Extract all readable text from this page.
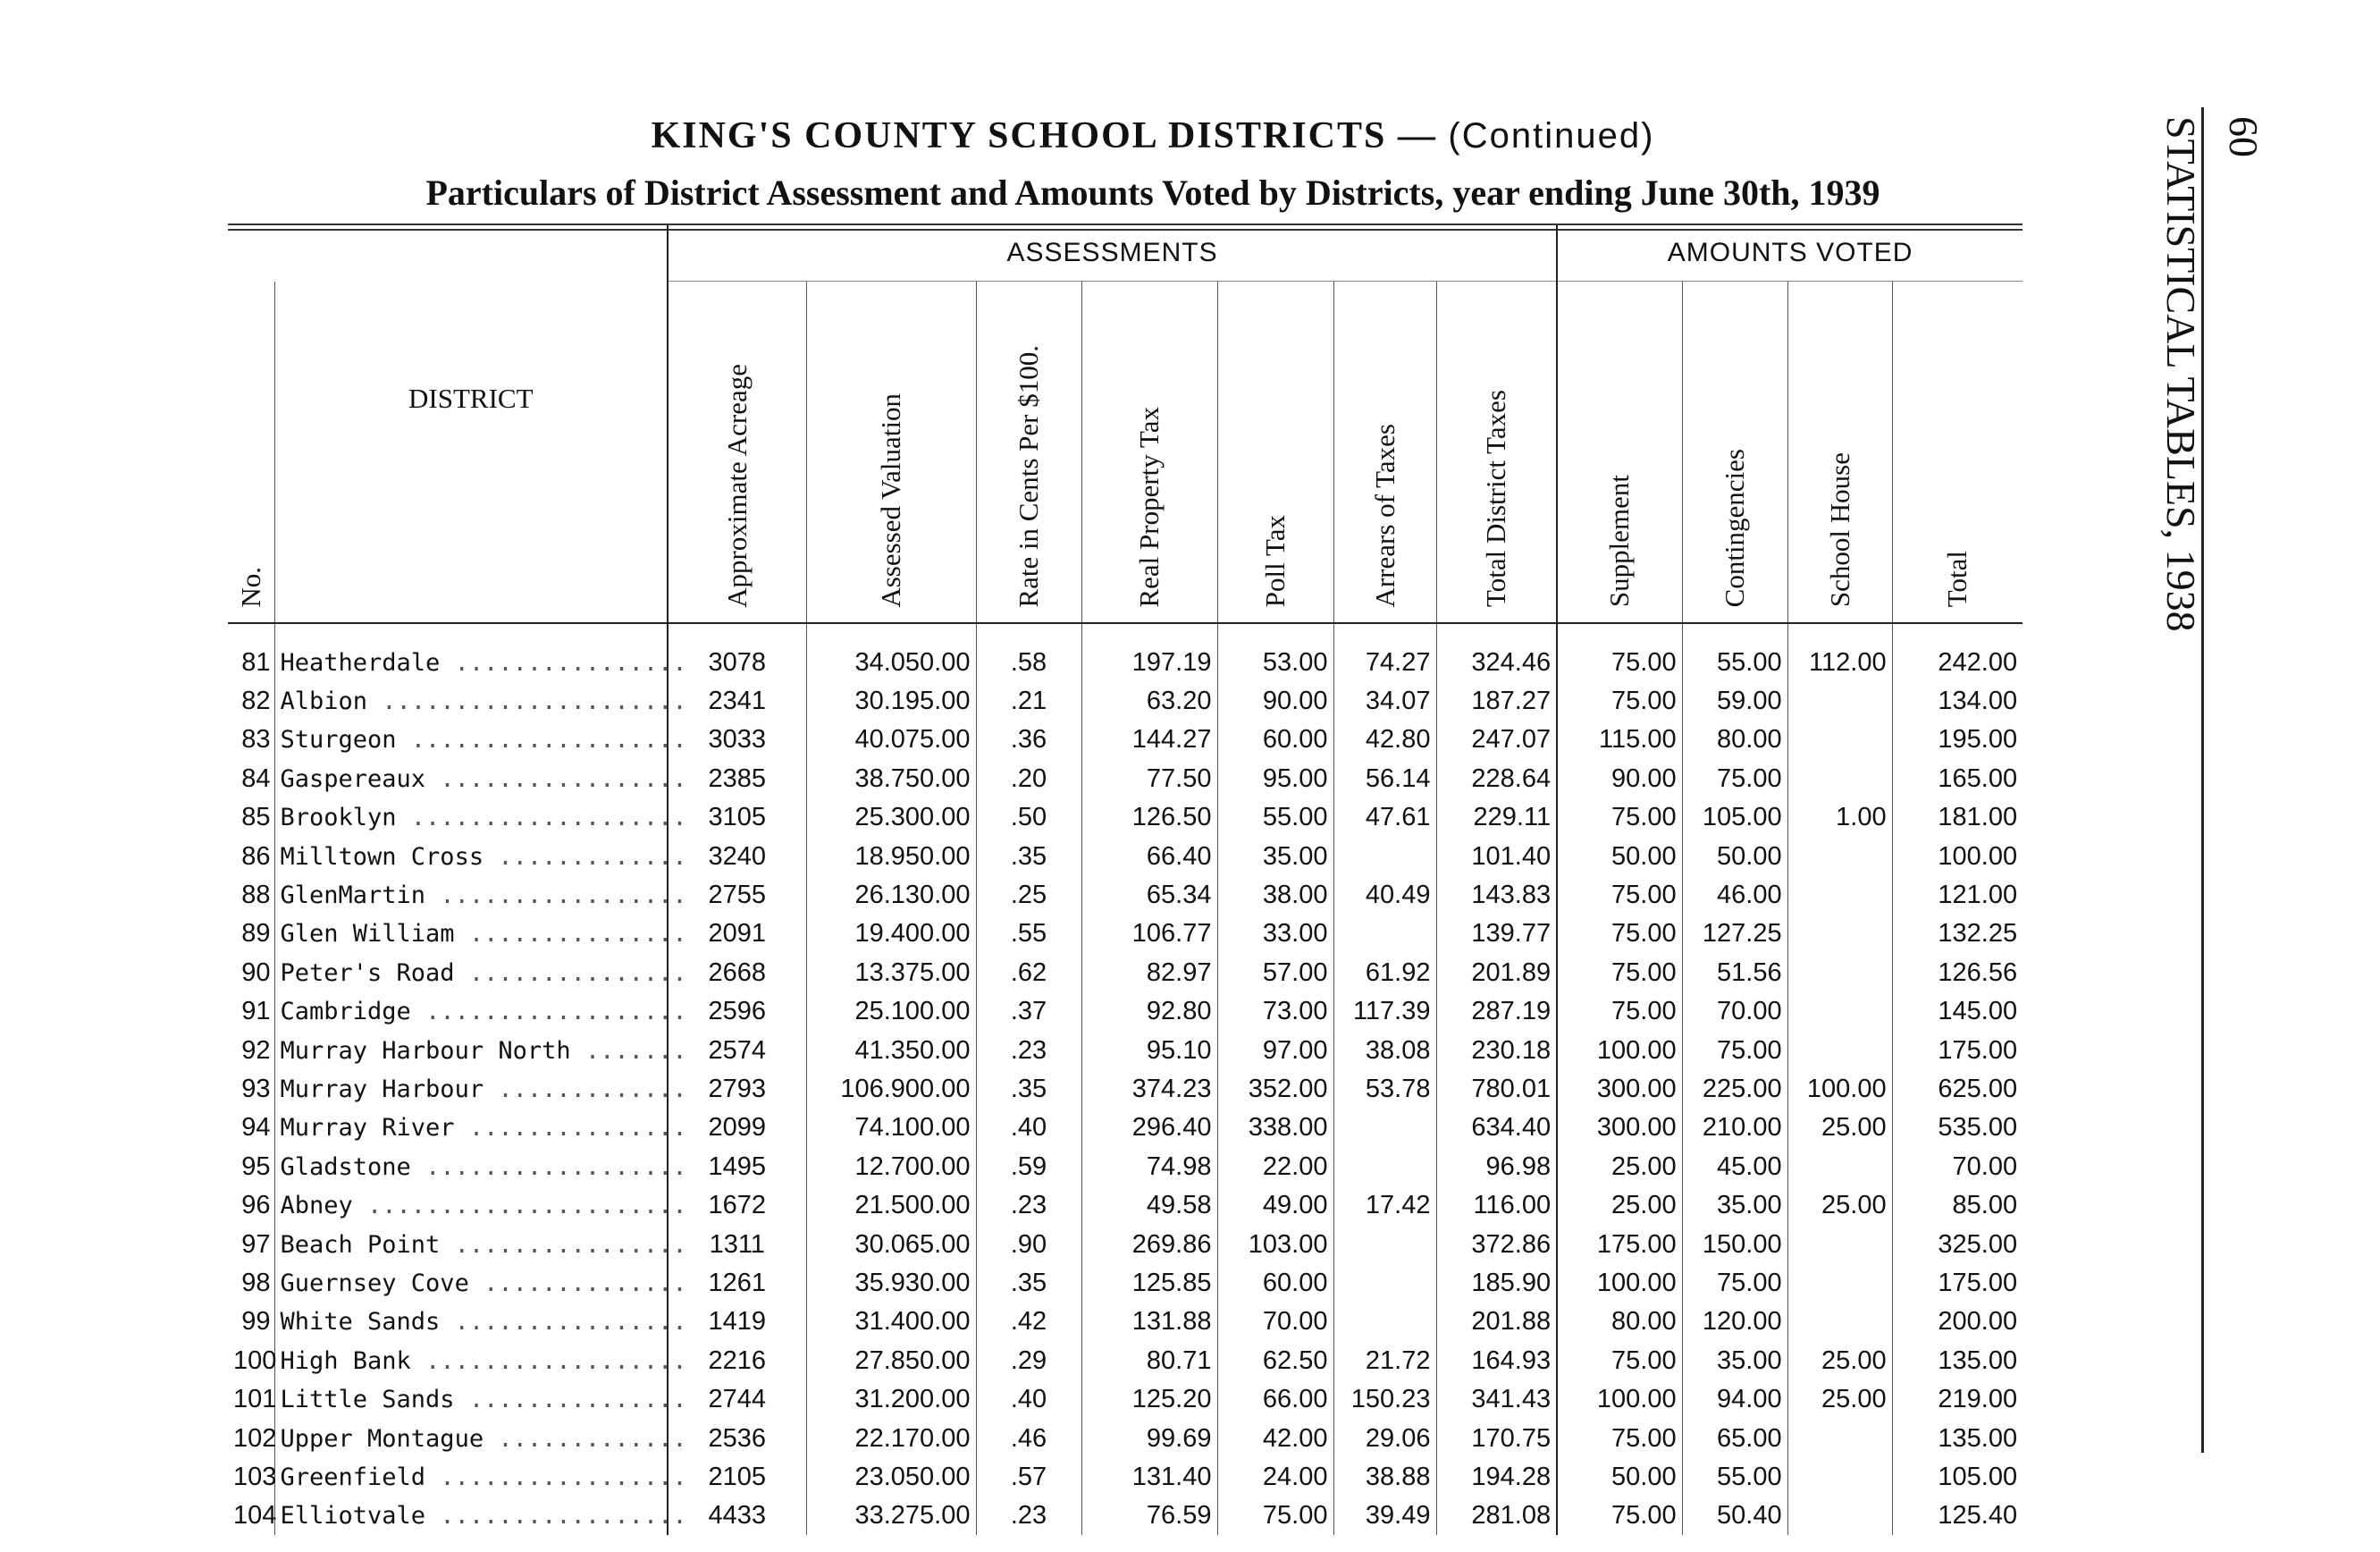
KING'S COUNTY SCHOOL DISTRICTS — (Continued)
Particulars of District Assessment and Amounts Voted by Districts, year ending June 30th, 1939
60
STATISTICAL TABLES, 1938
		ASSESSMENTS							AMOUNTS VOTED			
No.	DISTRICT	Approximate Acreage	Assessed Valuation	Rate in Cents Per $100.	Real Property Tax	Poll Tax	Arrears of Taxes	Total District Taxes	Supplement	Contingencies	School House	Total
81	Heatherdale ................	3078	34.050.00	.58	197.19	53.00	74.27	324.46	75.00	55.00	112.00	242.00
82	Albion .....................	2341	30.195.00	.21	63.20	90.00	34.07	187.27	75.00	59.00		134.00
83	Sturgeon ...................	3033	40.075.00	.36	144.27	60.00	42.80	247.07	115.00	80.00		195.00
84	Gaspereaux .................	2385	38.750.00	.20	77.50	95.00	56.14	228.64	90.00	75.00		165.00
85	Brooklyn ...................	3105	25.300.00	.50	126.50	55.00	47.61	229.11	75.00	105.00	1.00	181.00
86	Milltown Cross .............	3240	18.950.00	.35	66.40	35.00		101.40	50.00	50.00		100.00
88	GlenMartin .................	2755	26.130.00	.25	65.34	38.00	40.49	143.83	75.00	46.00		121.00
89	Glen William ...............	2091	19.400.00	.55	106.77	33.00		139.77	75.00	127.25		132.25
90	Peter's Road ...............	2668	13.375.00	.62	82.97	57.00	61.92	201.89	75.00	51.56		126.56
91	Cambridge ..................	2596	25.100.00	.37	92.80	73.00	117.39	287.19	75.00	70.00		145.00
92	Murray Harbour North .......	2574	41.350.00	.23	95.10	97.00	38.08	230.18	100.00	75.00		175.00
93	Murray Harbour .............	2793	106.900.00	.35	374.23	352.00	53.78	780.01	300.00	225.00	100.00	625.00
94	Murray River ...............	2099	74.100.00	.40	296.40	338.00		634.40	300.00	210.00	25.00	535.00
95	Gladstone ..................	1495	12.700.00	.59	74.98	22.00		96.98	25.00	45.00		70.00
96	Abney ......................	1672	21.500.00	.23	49.58	49.00	17.42	116.00	25.00	35.00	25.00	85.00
97	Beach Point ................	1311	30.065.00	.90	269.86	103.00		372.86	175.00	150.00		325.00
98	Guernsey Cove ..............	1261	35.930.00	.35	125.85	60.00		185.90	100.00	75.00		175.00
99	White Sands ................	1419	31.400.00	.42	131.88	70.00		201.88	80.00	120.00		200.00
100	High Bank ..................	2216	27.850.00	.29	80.71	62.50	21.72	164.93	75.00	35.00	25.00	135.00
101	Little Sands ...............	2744	31.200.00	.40	125.20	66.00	150.23	341.43	100.00	94.00	25.00	219.00
102	Upper Montague .............	2536	22.170.00	.46	99.69	42.00	29.06	170.75	75.00	65.00		135.00
103	Greenfield .................	2105	23.050.00	.57	131.40	24.00	38.88	194.28	50.00	55.00		105.00
104	Elliotvale .................	4433	33.275.00	.23	76.59	75.00	39.49	281.08	75.00	50.40		125.40
